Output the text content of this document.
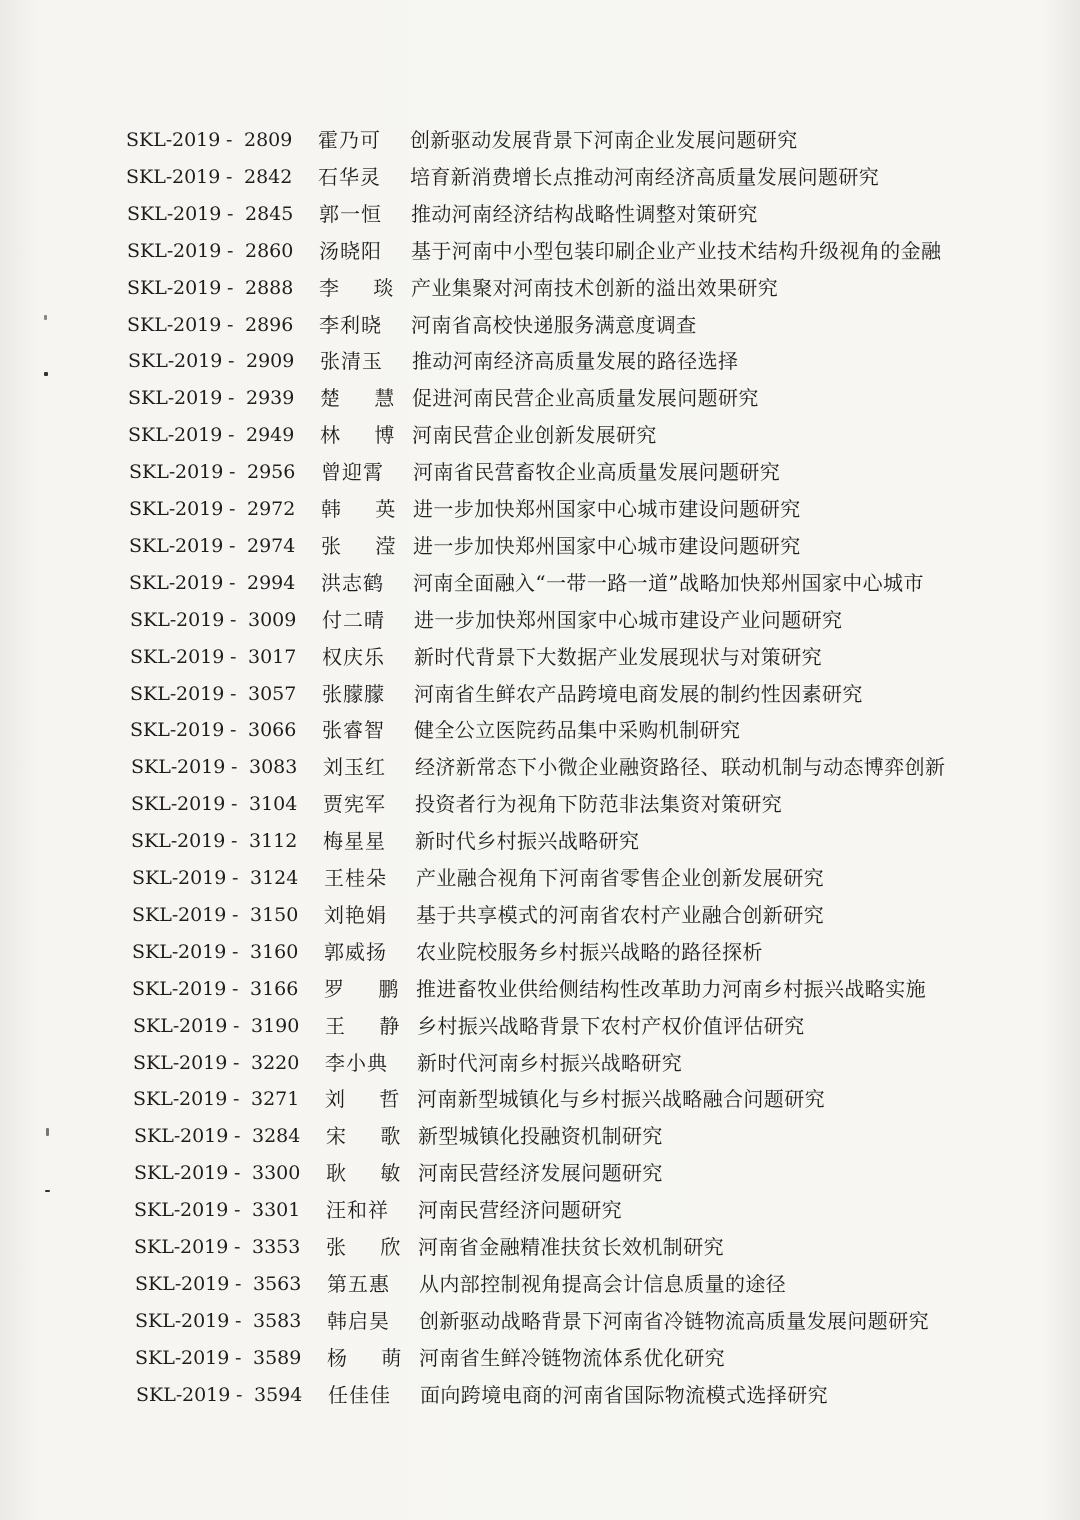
SKL- 2019 - 2809 霍乃可 创新驱动发展背景下河南企业发展问题研究
SKL- 2019 - 2842 石华灵 培育新消费增长点推动河南经济高质量发展问题研究
SKL- 2019 - 2845 郭一恒 推动河南经济结构战略性调整对策研究
SKL- 2019 - 2860 汤晓阳 基于河南中小型包装印刷企业产业技术结构升级视角的金融
SKL- 2019 - 2888 李 琰 产业集聚对河南技术创新的溢出效果研究
SKL- 2019 - 2896 李利晓 河南省高校快递服务满意度调查
SKL- 2019 - 2909 张清玉 推动河南经济高质量发展的路径选择
SKL- 2019 - 2939 楚 慧 促进河南民营企业高质量发展问题研究
SKL- 2019 - 2949 林 博 河南民营企业创新发展研究
SKL- 2019 - 2956 曾迎霄 河南省民营畜牧企业高质量发展问题研究
SKL- 2019 - 2972 韩 英 进一步加快郑州国家中心城市建设问题研究
SKL- 2019 - 2974 张 滢 进一步加快郑州国家中心城市建设问题研究
SKL- 2019 - 2994 洪志鹤 河南全面融入“一带一路一道”战略加快郑州国家中心城市
SKL- 2019 - 3009 付二晴 进一步加快郑州国家中心城市建设产业问题研究
SKL- 2019 - 3017 权庆乐 新时代背景下大数据产业发展现状与对策研究
SKL- 2019 - 3057 张朦朦 河南省生鲜农产品跨境电商发展的制约性因素研究
SKL- 2019 - 3066 张睿智 健全公立医院药品集中采购机制研究
SKL- 2019 - 3083 刘玉红 经济新常态下小微企业融资路径、联动机制与动态博弈创新
SKL- 2019 - 3104 贾宪军 投资者行为视角下防范非法集资对策研究
SKL- 2019 - 3112 梅星星 新时代乡村振兴战略研究
SKL- 2019 - 3124 王桂朵 产业融合视角下河南省零售企业创新发展研究
SKL- 2019 - 3150 刘艳娟 基于共享模式的河南省农村产业融合创新研究
SKL- 2019 - 3160 郭威扬 农业院校服务乡村振兴战略的路径探析
SKL- 2019 - 3166 罗 鹏 推进畜牧业供给侧结构性改革助力河南乡村振兴战略实施
SKL- 2019 - 3190 王 静 乡村振兴战略背景下农村产权价值评估研究
SKL- 2019 - 3220 李小典 新时代河南乡村振兴战略研究
SKL- 2019 - 3271 刘 哲 河南新型城镇化与乡村振兴战略融合问题研究
SKL- 2019 - 3284 宋 歌 新型城镇化投融资机制研究
SKL- 2019 - 3300 耿 敏 河南民营经济发展问题研究
SKL- 2019 - 3301 汪和祥 河南民营经济问题研究
SKL- 2019 - 3353 张 欣 河南省金融精准扶贫长效机制研究
SKL- 2019 - 3563 第五惠 从内部控制视角提高会计信息质量的途径
SKL- 2019 - 3583 韩启昊 创新驱动战略背景下河南省冷链物流高质量发展问题研究
SKL- 2019 - 3589 杨 萌 河南省生鲜冷链物流体系优化研究
SKL- 2019 - 3594 任佳佳 面向跨境电商的河南省国际物流模式选择研究
